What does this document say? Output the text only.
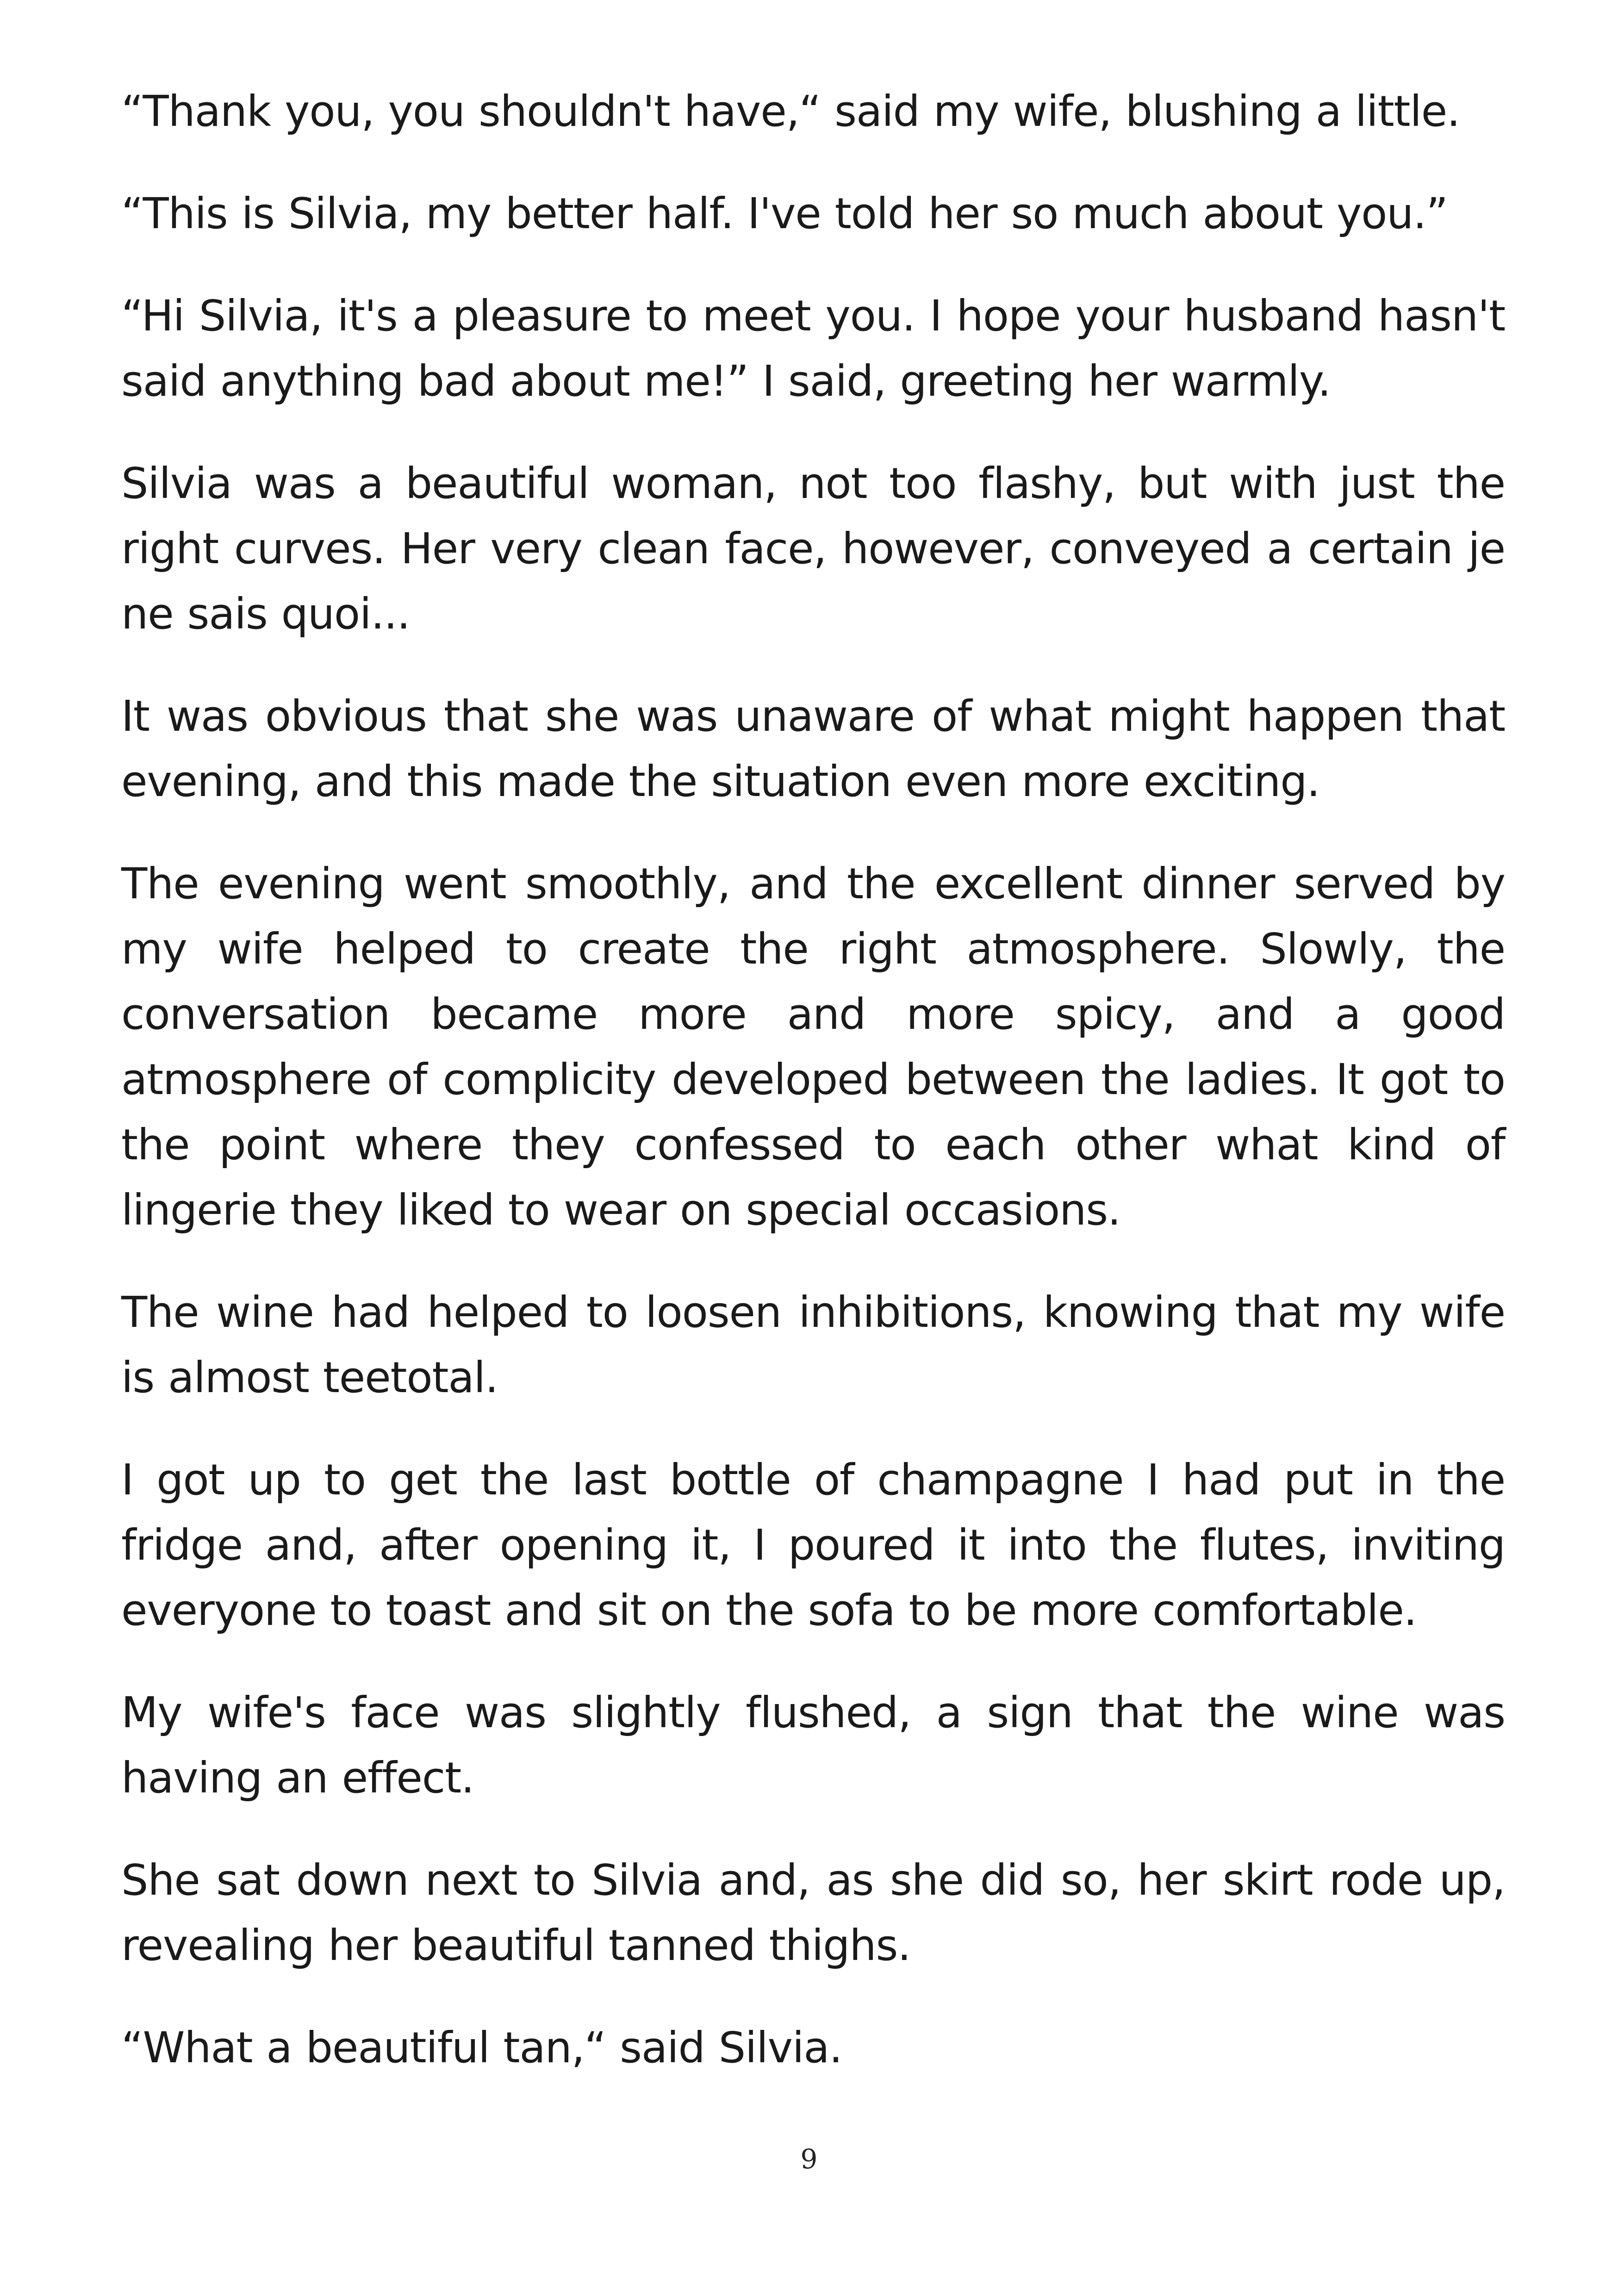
“Thank you, you shouldn't have,“ said my wife, blushing a little.

“This is Silvia, my better half. I've told her so much about you.”

“Hi Silvia, it's a pleasure to meet you. I hope your husband hasn't said anything bad about me!” I said, greeting her warmly.

Silvia was a beautiful woman, not too flashy, but with just the right curves. Her very clean face, however, conveyed a certain je ne sais quoi...

It was obvious that she was unaware of what might happen that evening, and this made the situation even more exciting.

The evening went smoothly, and the excellent dinner served by my wife helped to create the right atmosphere. Slowly, the conversation became more and more spicy, and a good atmosphere of complicity developed between the ladies. It got to the point where they confessed to each other what kind of lingerie they liked to wear on special occasions.

The wine had helped to loosen inhibitions, knowing that my wife is almost teetotal.

I got up to get the last bottle of champagne I had put in the fridge and, after opening it, I poured it into the flutes, inviting everyone to toast and sit on the sofa to be more comfortable.

My wife's face was slightly flushed, a sign that the wine was having an effect.

She sat down next to Silvia and, as she did so, her skirt rode up, revealing her beautiful tanned thighs.

“What a beautiful tan,“ said Silvia.

9
